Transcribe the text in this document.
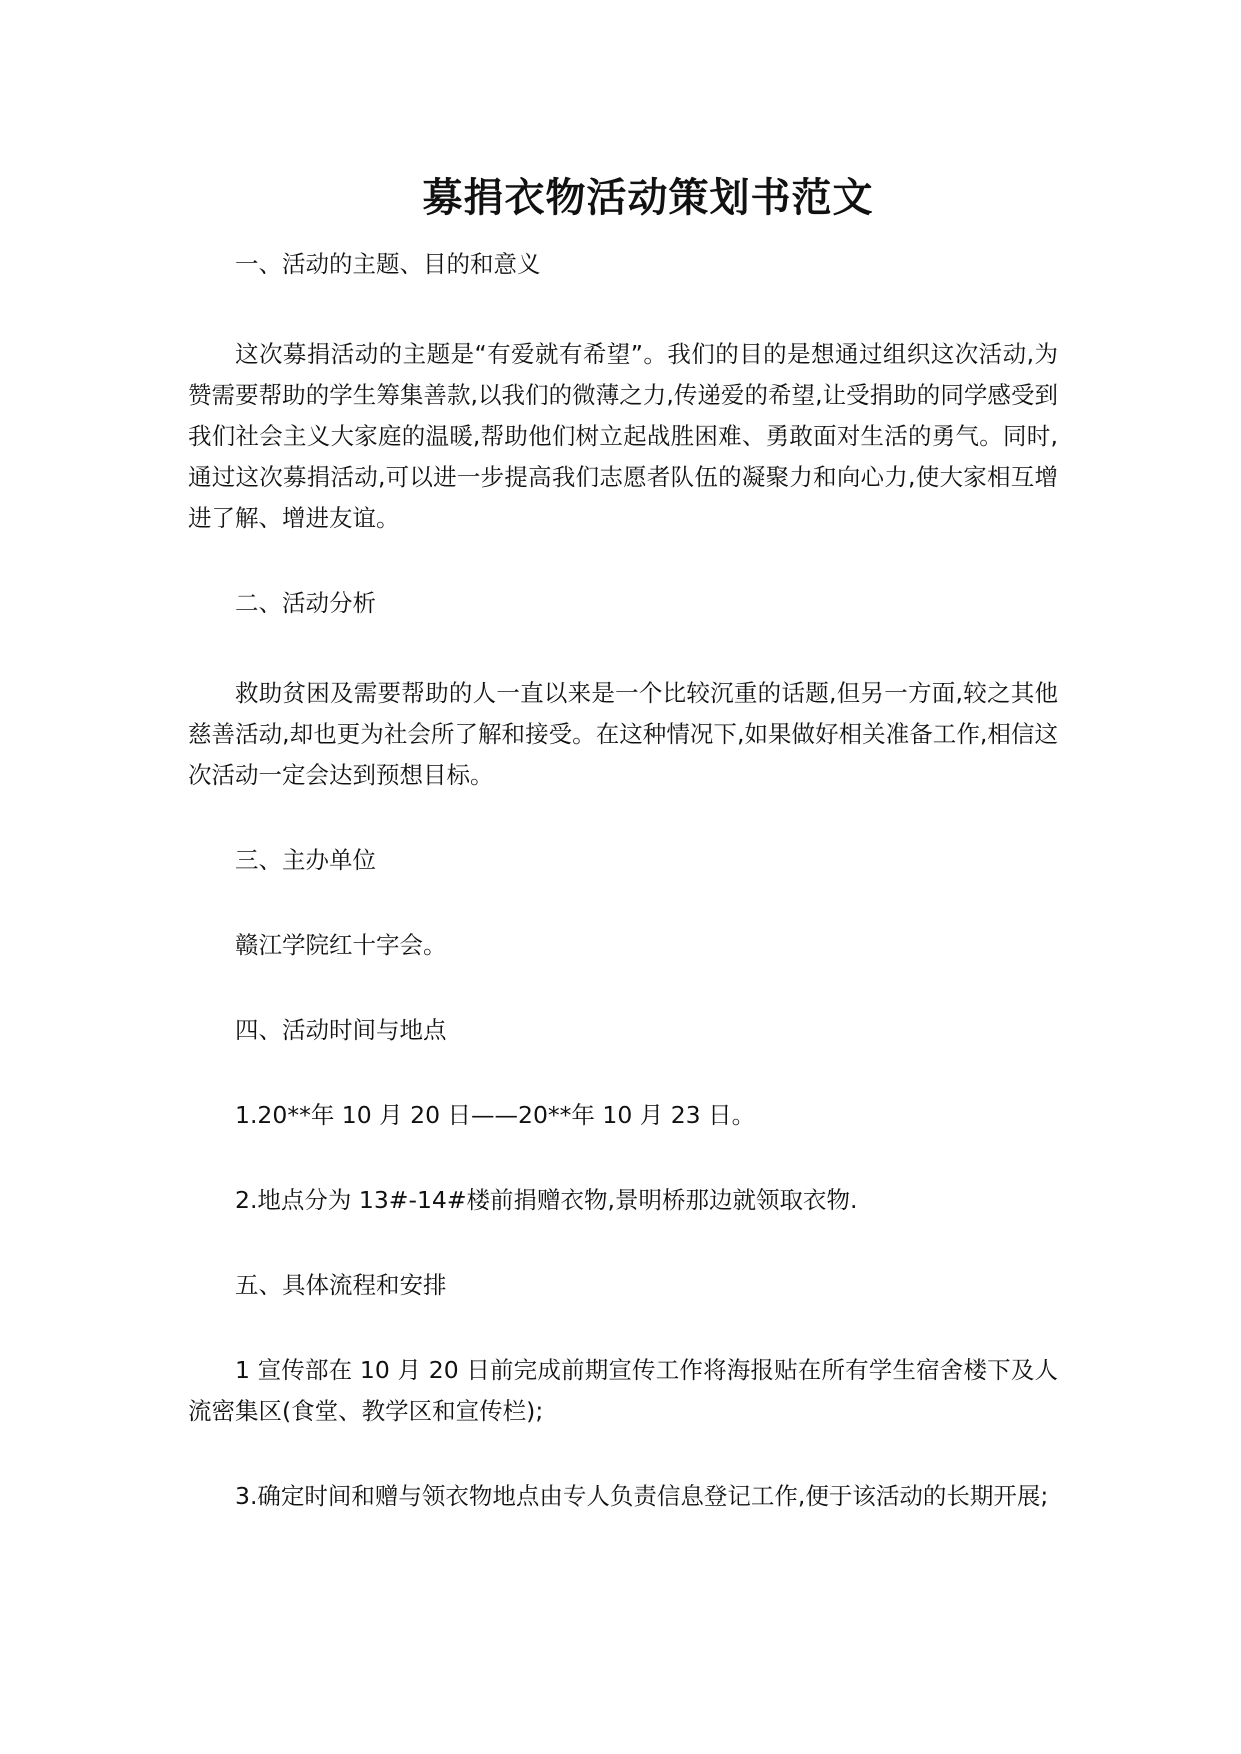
募捐衣物活动策划书范文

一、活动的主题、目的和意义

这次募捐活动的主题是“有爱就有希望”。我们的目的是想通过组织这次活动,为赞需要帮助的学生筹集善款,以我们的微薄之力,传递爱的希望,让受捐助的同学感受到我们社会主义大家庭的温暖,帮助他们树立起战胜困难、勇敢面对生活的勇气。同时,通过这次募捐活动,可以进一步提高我们志愿者队伍的凝聚力和向心力,使大家相互增进了解、增进友谊。

二、活动分析

救助贫困及需要帮助的人一直以来是一个比较沉重的话题,但另一方面,较之其他慈善活动,却也更为社会所了解和接受。在这种情况下,如果做好相关准备工作,相信这次活动一定会达到预想目标。

三、主办单位

赣江学院红十字会。

四、活动时间与地点

1.20**年 10 月 20 日——20**年 10 月 23 日。

2.地点分为 13#-14#楼前捐赠衣物,景明桥那边就领取衣物.

五、具体流程和安排

1 宣传部在 10 月 20 日前完成前期宣传工作将海报贴在所有学生宿舍楼下及人流密集区(食堂、教学区和宣传栏);

3.确定时间和赠与领衣物地点由专人负责信息登记工作,便于该活动的长期开展;
